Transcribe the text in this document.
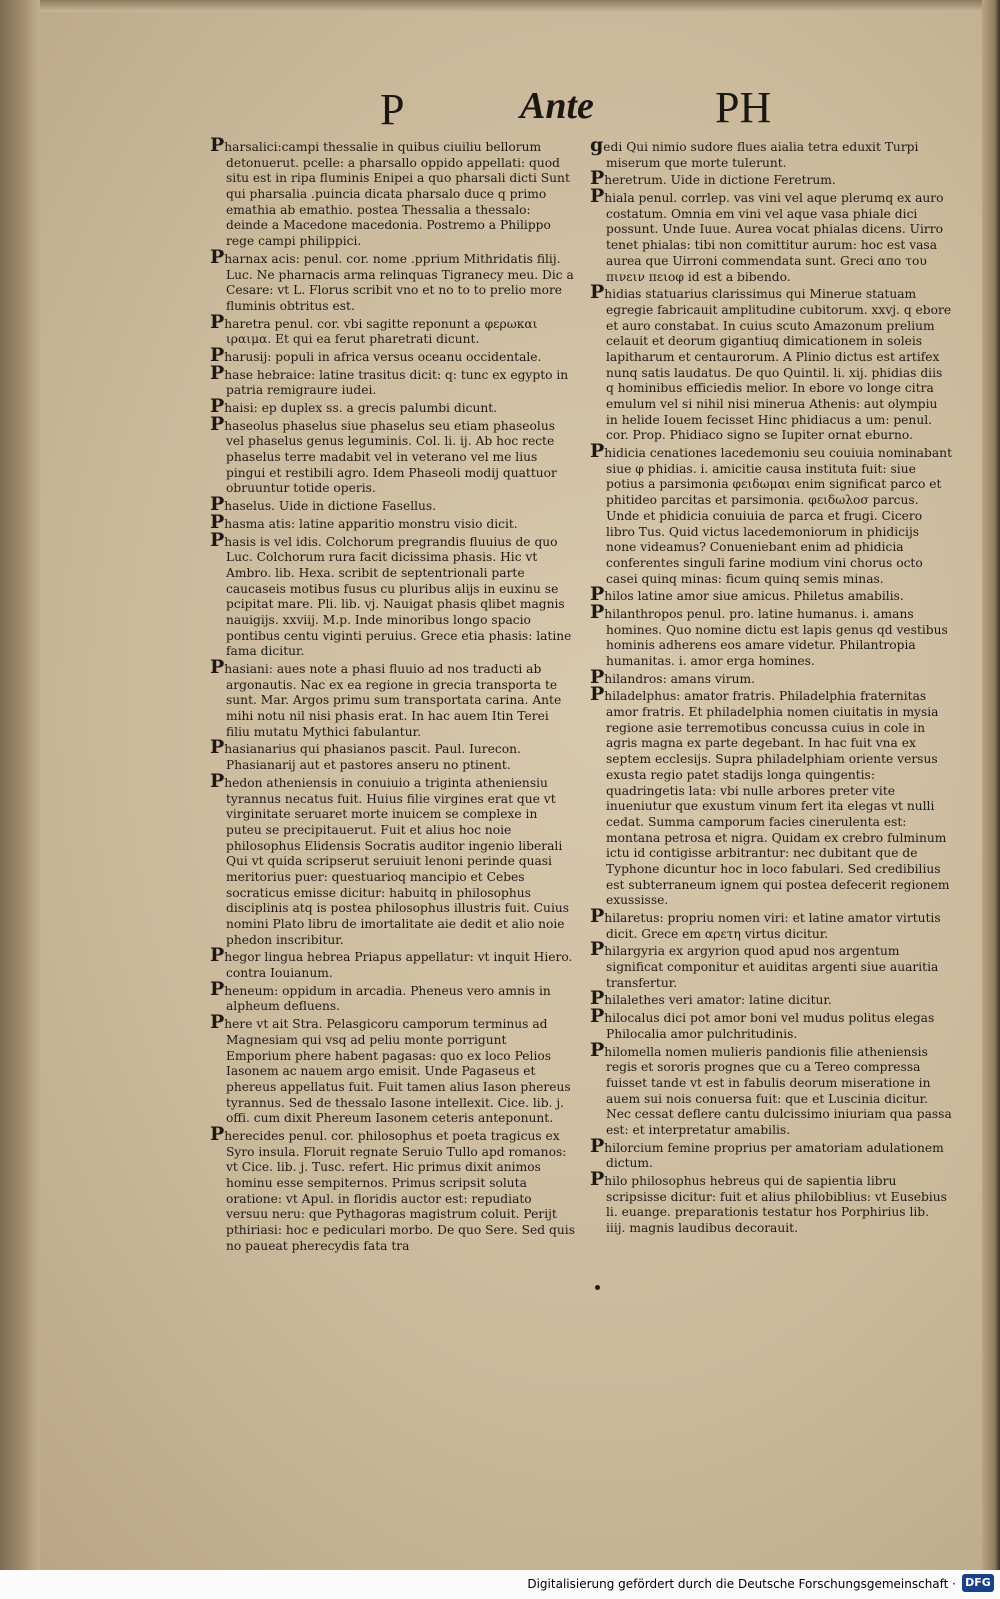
P	Ante	PH

Pharsalici:campi thessalie in quibus ciuiliu bellorum detonuerut. pcelle: a pharsallo oppido appellati: quod situ est in ripa fluminis Enipei a quo pharsali dicti Sunt qui pharsalia .puincia dicata pharsalo duce q primo emathia ab emathio. postea Thessalia a thessalo: deinde a Macedone macedonia. Postremo a Philippo rege campi philippici.

Pharnax acis: penul. cor. nome .pprium Mithridatis filij. Luc. Ne pharnacis arma relinquas Tigranecy meu. Dic a Cesare: vt L. Florus scribit vno et no to to prelio more fluminis obtritus est.

Pharetra penul. cor. vbi sagitte reponunt a φερωκαι ιραιμα. Et qui ea ferut pharetrati dicunt.

Pharusij: populi in africa versus oceanu occidentale.

Phase hebraice: latine trasitus dicit: q: tunc ex egypto in patria remigraure iudei.

Phaisi: ep duplex ss. a grecis palumbi dicunt.

Phaseolus phaselus siue phaselus seu etiam phaseolus vel phaselus genus leguminis. Col. li. ij. Ab hoc recte phaselus terre madabit vel in veterano vel me lius pingui et restibili agro. Idem Phaseoli modij quattuor obruuntur totide operis.

Phaselus. Uide in dictione Fasellus.

Phasma atis: latine apparitio monstru visio dicit.

Phasis is vel idis. Colchorum pregrandis fluuius de quo Luc. Colchorum rura facit dicissima phasis. Hic vt Ambro. lib. Hexa. scribit de septentrionali parte caucaseis motibus fusus cu pluribus alijs in euxinu se pcipitat mare. Pli. lib. vj. Nauigat phasis qlibet magnis nauigijs. xxviij. M.p. Inde minoribus longo spacio pontibus centu viginti peruius. Grece etia phasis: latine fama dicitur.

Phasiani: aues note a phasi fluuio ad nos traducti ab argonautis. Nac ex ea regione in grecia transporta te sunt. Mar. Argos primu sum transportata carina. Ante mihi notu nil nisi phasis erat. In hac auem Itin Terei filiu mutatu Mythici fabulantur.

Phasianarius qui phasianos pascit. Paul. Iurecon. Phasianarij aut et pastores anseru no ptinent.

Phedon atheniensis in conuiuio a triginta atheniensiu tyrannus necatus fuit. Huius filie virgines erat que vt virginitate seruaret morte inuicem se complexe in puteu se precipitauerut. Fuit et alius hoc noie philosophus Elidensis Socratis auditor ingenio liberali Qui vt quida scripserut seruiuit lenoni perinde quasi meritorius puer: questuarioq mancipio et Cebes socraticus emisse dicitur: habuitq in philosophus disciplinis atq is postea philosophus illustris fuit. Cuius nomini Plato libru de imortalitate aie dedit et alio noie phedon inscribitur.

Phegor lingua hebrea Priapus appellatur: vt inquit Hiero. contra Iouianum.

Pheneum: oppidum in arcadia. Pheneus vero amnis in alpheum defluens.

Phere vt ait Stra. Pelasgicoru camporum terminus ad Magnesiam qui vsq ad peliu monte porrigunt Emporium phere habent pagasas: quo ex loco Pelios Iasonem ac nauem argo emisit. Unde Pagaseus et phereus appellatus fuit. Fuit tamen alius Iason phereus tyrannus. Sed de thessalo Iasone intellexit. Cice. lib. j. offi. cum dixit Phereum Iasonem ceteris anteponunt.

Pherecides penul. cor. philosophus et poeta tragicus ex Syro insula. Floruit regnate Seruio Tullo apd romanos: vt Cice. lib. j. Tusc. refert. Hic primus dixit animos hominu esse sempiternos. Primus scripsit soluta oratione: vt Apul. in floridis auctor est: repudiato versuu neru: que Pythagoras magistrum coluit. Perijt pthiriasi: hoc e pediculari morbo. De quo Sere. Sed quis no paueat pherecydis fata tra

gedi Qui nimio sudore flues aialia tetra eduxit Turpi miserum que morte tulerunt.

Pheretrum. Uide in dictione Feretrum.

Phiala penul. corrlep. vas vini vel aque plerumq ex auro costatum. Omnia em vini vel aque vasa phiale dici possunt. Unde Iuue. Aurea vocat phialas dicens. Uirro tenet phialas: tibi non comittitur aurum: hoc est vasa aurea que Uirroni commendata sunt. Greci απο του πινειν πειοφ id est a bibendo.

Phidias statuarius clarissimus qui Minerue statuam egregie fabricauit amplitudine cubitorum. xxvj. q ebore et auro constabat. In cuius scuto Amazonum prelium celauit et deorum gigantiuq dimicationem in soleis lapitharum et centaurorum. A Plinio dictus est artifex nunq satis laudatus. De quo Quintil. li. xij. phidias diis q hominibus efficiedis melior. In ebore vo longe citra emulum vel si nihil nisi minerua Athenis: aut olympiu in helide Iouem fecisset Hinc phidiacus a um: penul. cor. Prop. Phidiaco signo se Iupiter ornat eburno.

Phidicia cenationes lacedemoniu seu couiuia nominabant siue φ phidias. i. amicitie causa instituta fuit: siue potius a parsimonia φειδωμαι enim significat parco et phitideo parcitas et parsimonia. φειδωλοσ parcus. Unde et phidicia conuiuia de parca et frugi. Cicero libro Tus. Quid victus lacedemoniorum in phidicijs none videamus? Conueniebant enim ad phidicia conferentes singuli farine modium vini chorus octo casei quinq minas: ficum quinq semis minas.

Philos latine amor siue amicus. Philetus amabilis.

Philanthropos penul. pro. latine humanus. i. amans homines. Quo nomine dictu est lapis genus qd vestibus hominis adherens eos amare videtur. Philantropia humanitas. i. amor erga homines.

Philandros: amans virum.

Philadelphus: amator fratris. Philadelphia fraternitas amor fratris. Et philadelphia nomen ciuitatis in mysia regione asie terremotibus concussa cuius in cole in agris magna ex parte degebant. In hac fuit vna ex septem ecclesijs. Supra philadelphiam oriente versus exusta regio patet stadijs longa quingentis: quadringetis lata: vbi nulle arbores preter vite inueniutur que exustum vinum fert ita elegas vt nulli cedat. Summa camporum facies cinerulenta est: montana petrosa et nigra. Quidam ex crebro fulminum ictu id contigisse arbitrantur: nec dubitant que de Typhone dicuntur hoc in loco fabulari. Sed credibilius est subterraneum ignem qui postea defecerit regionem exussisse.

Philaretus: propriu nomen viri: et latine amator virtutis dicit. Grece em αρετη virtus dicitur.

Philargyria ex argyrion quod apud nos argentum significat componitur et auiditas argenti siue auaritia transfertur.

Philalethes veri amator: latine dicitur.

Philocalus dici pot amor boni vel mudus politus elegas Philocalia amor pulchritudinis.

Philomella nomen mulieris pandionis filie atheniensis regis et sororis prognes que cu a Tereo compressa fuisset tande vt est in fabulis deorum miseratione in auem sui nois conuersa fuit: que et Luscinia dicitur. Nec cessat deflere cantu dulcissimo iniuriam qua passa est: et interpretatur amabilis.

Philorcium femine proprius per amatoriam adulationem dictum.

Philo philosophus hebreus qui de sapientia libru scripsisse dicitur: fuit et alius philobiblius: vt Eusebius li. euange. preparationis testatur hos Porphirius lib. iiij. magnis laudibus decorauit.

Digitalisierung gefördert durch die Deutsche Forschungsgemeinschaft · DFG
